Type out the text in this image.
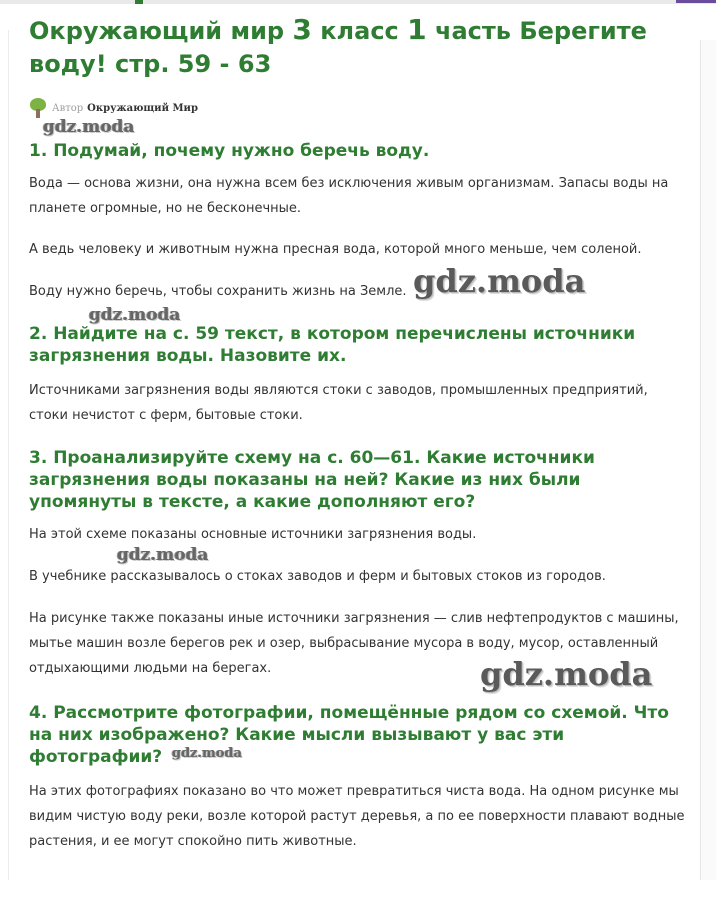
Окружающий мир 3 класс 1 часть Берегите воду! стр. 59 - 63
Автор Окружающий Мир
gdz.moda
1. Подумай, почему нужно беречь воду.

Вода — основа жизни, она нужна всем без исключения живым организмам. Запасы воды на планете огромные, но не бесконечные.

А ведь человеку и животным нужна пресная вода, которой много меньше, чем соленой.

Воду нужно беречь, чтобы сохранить жизнь на Земле. gdz.moda
gdz.moda
2. Найдите на с. 59 текст, в котором перечислены источники загрязнения воды. Назовите их.

Источниками загрязнения воды являются стоки с заводов, промышленных предприятий, стоки нечистот с ферм, бытовые стоки.

3. Проанализируйте схему на с. 60—61. Какие источники загрязнения воды показаны на ней? Какие из них были упомянуты в тексте, а какие дополняют его?

На этой схеме показаны основные источники загрязнения воды.

gdz.moda

В учебнике рассказывалось о стоках заводов и ферм и бытовых стоков из городов.

На рисунке также показаны иные источники загрязнения — слив нефтепродуктов с машины, мытье машин возле берегов рек и озер, выбрасывание мусора в воду, мусор, оставленный отдыхающими людьми на берегах.	gdz.moda
4. Рассмотрите фотографии, помещённые рядом со схемой. Что на них изображено? Какие мысли вызывают у вас эти фотографии? gdz.moda

На этих фотографиях показано во что может превратиться чиста вода. На одном рисунке мы видим чистую воду реки, возле которой растут деревья, а по ее поверхности плавают водные растения, и ее могут спокойно пить животные.
